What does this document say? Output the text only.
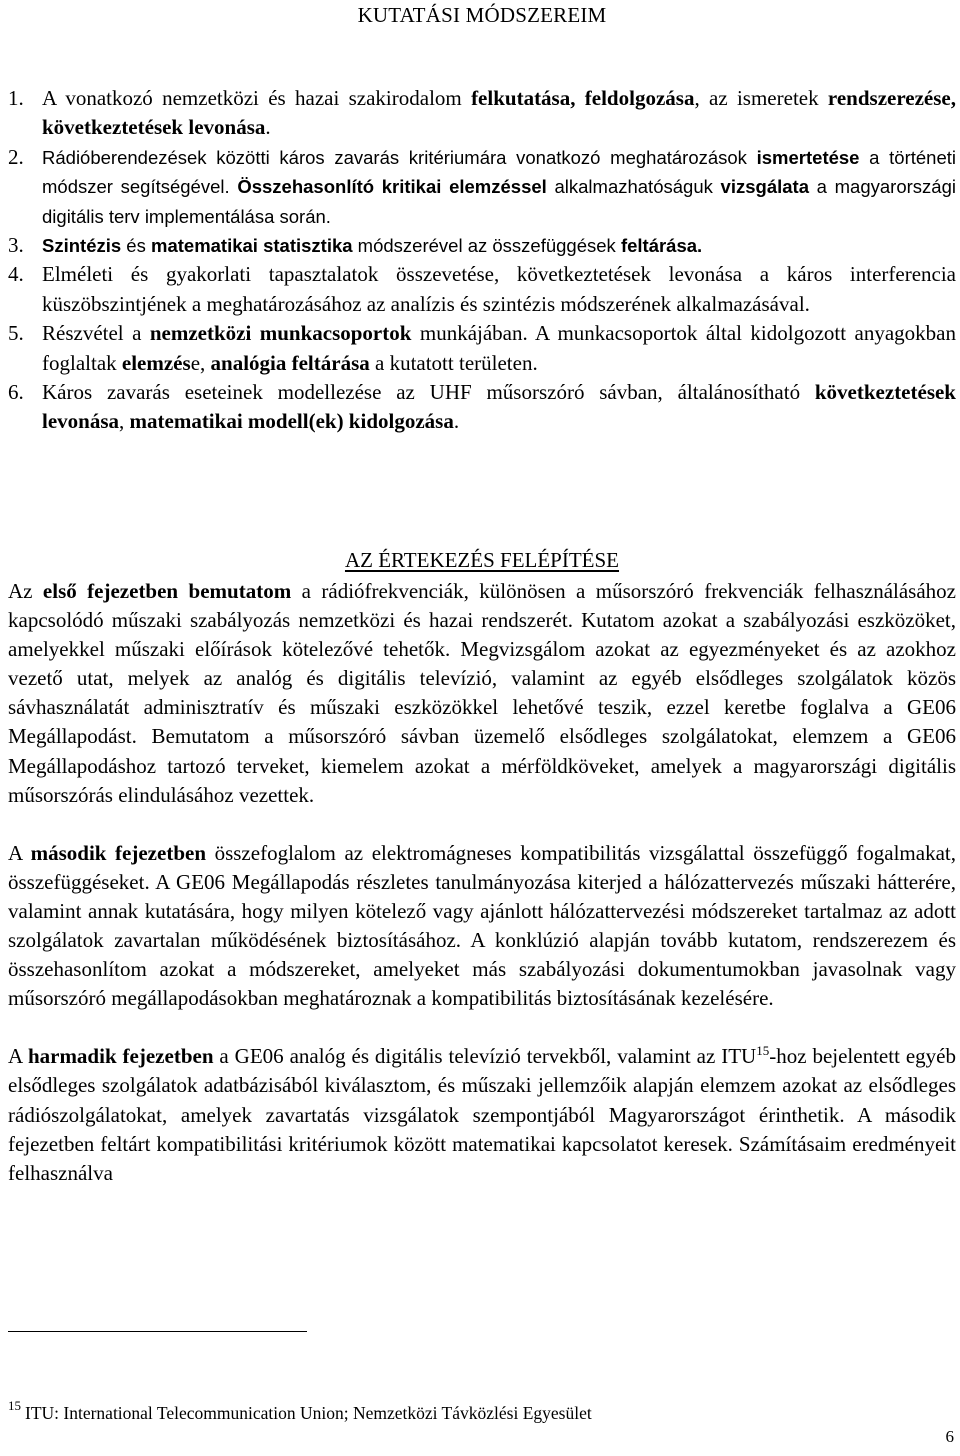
KUTATÁSI MÓDSZEREIM
1. A vonatkozó nemzetközi és hazai szakirodalom felkutatása, feldolgozása, az ismeretek rendszerezése, következtetések levonása.
2. Rádióberendezések közötti káros zavarás kritériumára vonatkozó meghatározások ismertetése a történeti módszer segítségével. Összehasonlító kritikai elemzéssel alkalmazhatóságuk vizsgálata a magyarországi digitális terv implementálása során.
3. Szintézis és matematikai statisztika módszerével az összefüggések feltárása.
4. Elméleti és gyakorlati tapasztalatok összevetése, következtetések levonása a káros interferencia küszöbszintjének a meghatározásához az analízis és szintézis módszerének alkalmazásával.
5. Részvétel a nemzetközi munkacsoportok munkájában. A munkacsoportok által kidolgozott anyagokban foglaltak elemzése, analógia feltárása a kutatott területen.
6. Káros zavarás eseteinek modellezése az UHF műsorszóró sávban, általánosítható következtetések levonása, matematikai modell(ek) kidolgozása.
AZ ÉRTEKEZÉS FELÉPÍTÉSE

Az első fejezetben bemutatom a rádiófrekvenciák, különösen a műsorszóró frekvenciák felhasználásához kapcsolódó műszaki szabályozás nemzetközi és hazai rendszerét. Kutatom azokat a szabályozási eszközöket, amelyekkel műszaki előírások kötelezővé tehetők. Megvizsgálom azokat az egyezményeket és az azokhoz vezető utat, melyek az analóg és digitális televízió, valamint az egyéb elsődleges szolgálatok közös sávhasználatát adminisztratív és műszaki eszközökkel lehetővé teszik, ezzel keretbe foglalva a GE06 Megállapodást. Bemutatom a műsorszóró sávban üzemelő elsődleges szolgálatokat, elemzem a GE06 Megállapodáshoz tartozó terveket, kiemelem azokat a mérföldköveket, amelyek a magyarországi digitális műsorszórás elindulásához vezettek.

A második fejezetben összefoglalom az elektromágneses kompatibilitás vizsgálattal összefüggő fogalmakat, összefüggéseket. A GE06 Megállapodás részletes tanulmányozása kiterjed a hálózattervezés műszaki hátterére, valamint annak kutatására, hogy milyen kötelező vagy ajánlott hálózattervezési módszereket tartalmaz az adott szolgálatok zavartalan működésének biztosításához. A konklúzió alapján tovább kutatom, rendszerezem és összehasonlítom azokat a módszereket, amelyeket más szabályozási dokumentumokban javasolnak vagy műsorszóró megállapodásokban meghatároznak a kompatibilitás biztosításának kezelésére.

A harmadik fejezetben a GE06 analóg és digitális televízió tervekből, valamint az ITU$^{15}$-hoz bejelentett egyéb elsődleges szolgálatok adatbázisából kiválasztom, és műszaki jellemzőik alapján elemzem azokat az elsődleges rádiószolgálatokat, amelyek zavartatás vizsgálatok szempontjából Magyarországot érinthetik. A második fejezetben feltárt kompatibilitási kritériumok között matematikai kapcsolatot keresek. Számításaim eredményeit felhasználva

$^{15}$ ITU: International Telecommunication Union; Nemzetközi Távközlési Egyesület
6
